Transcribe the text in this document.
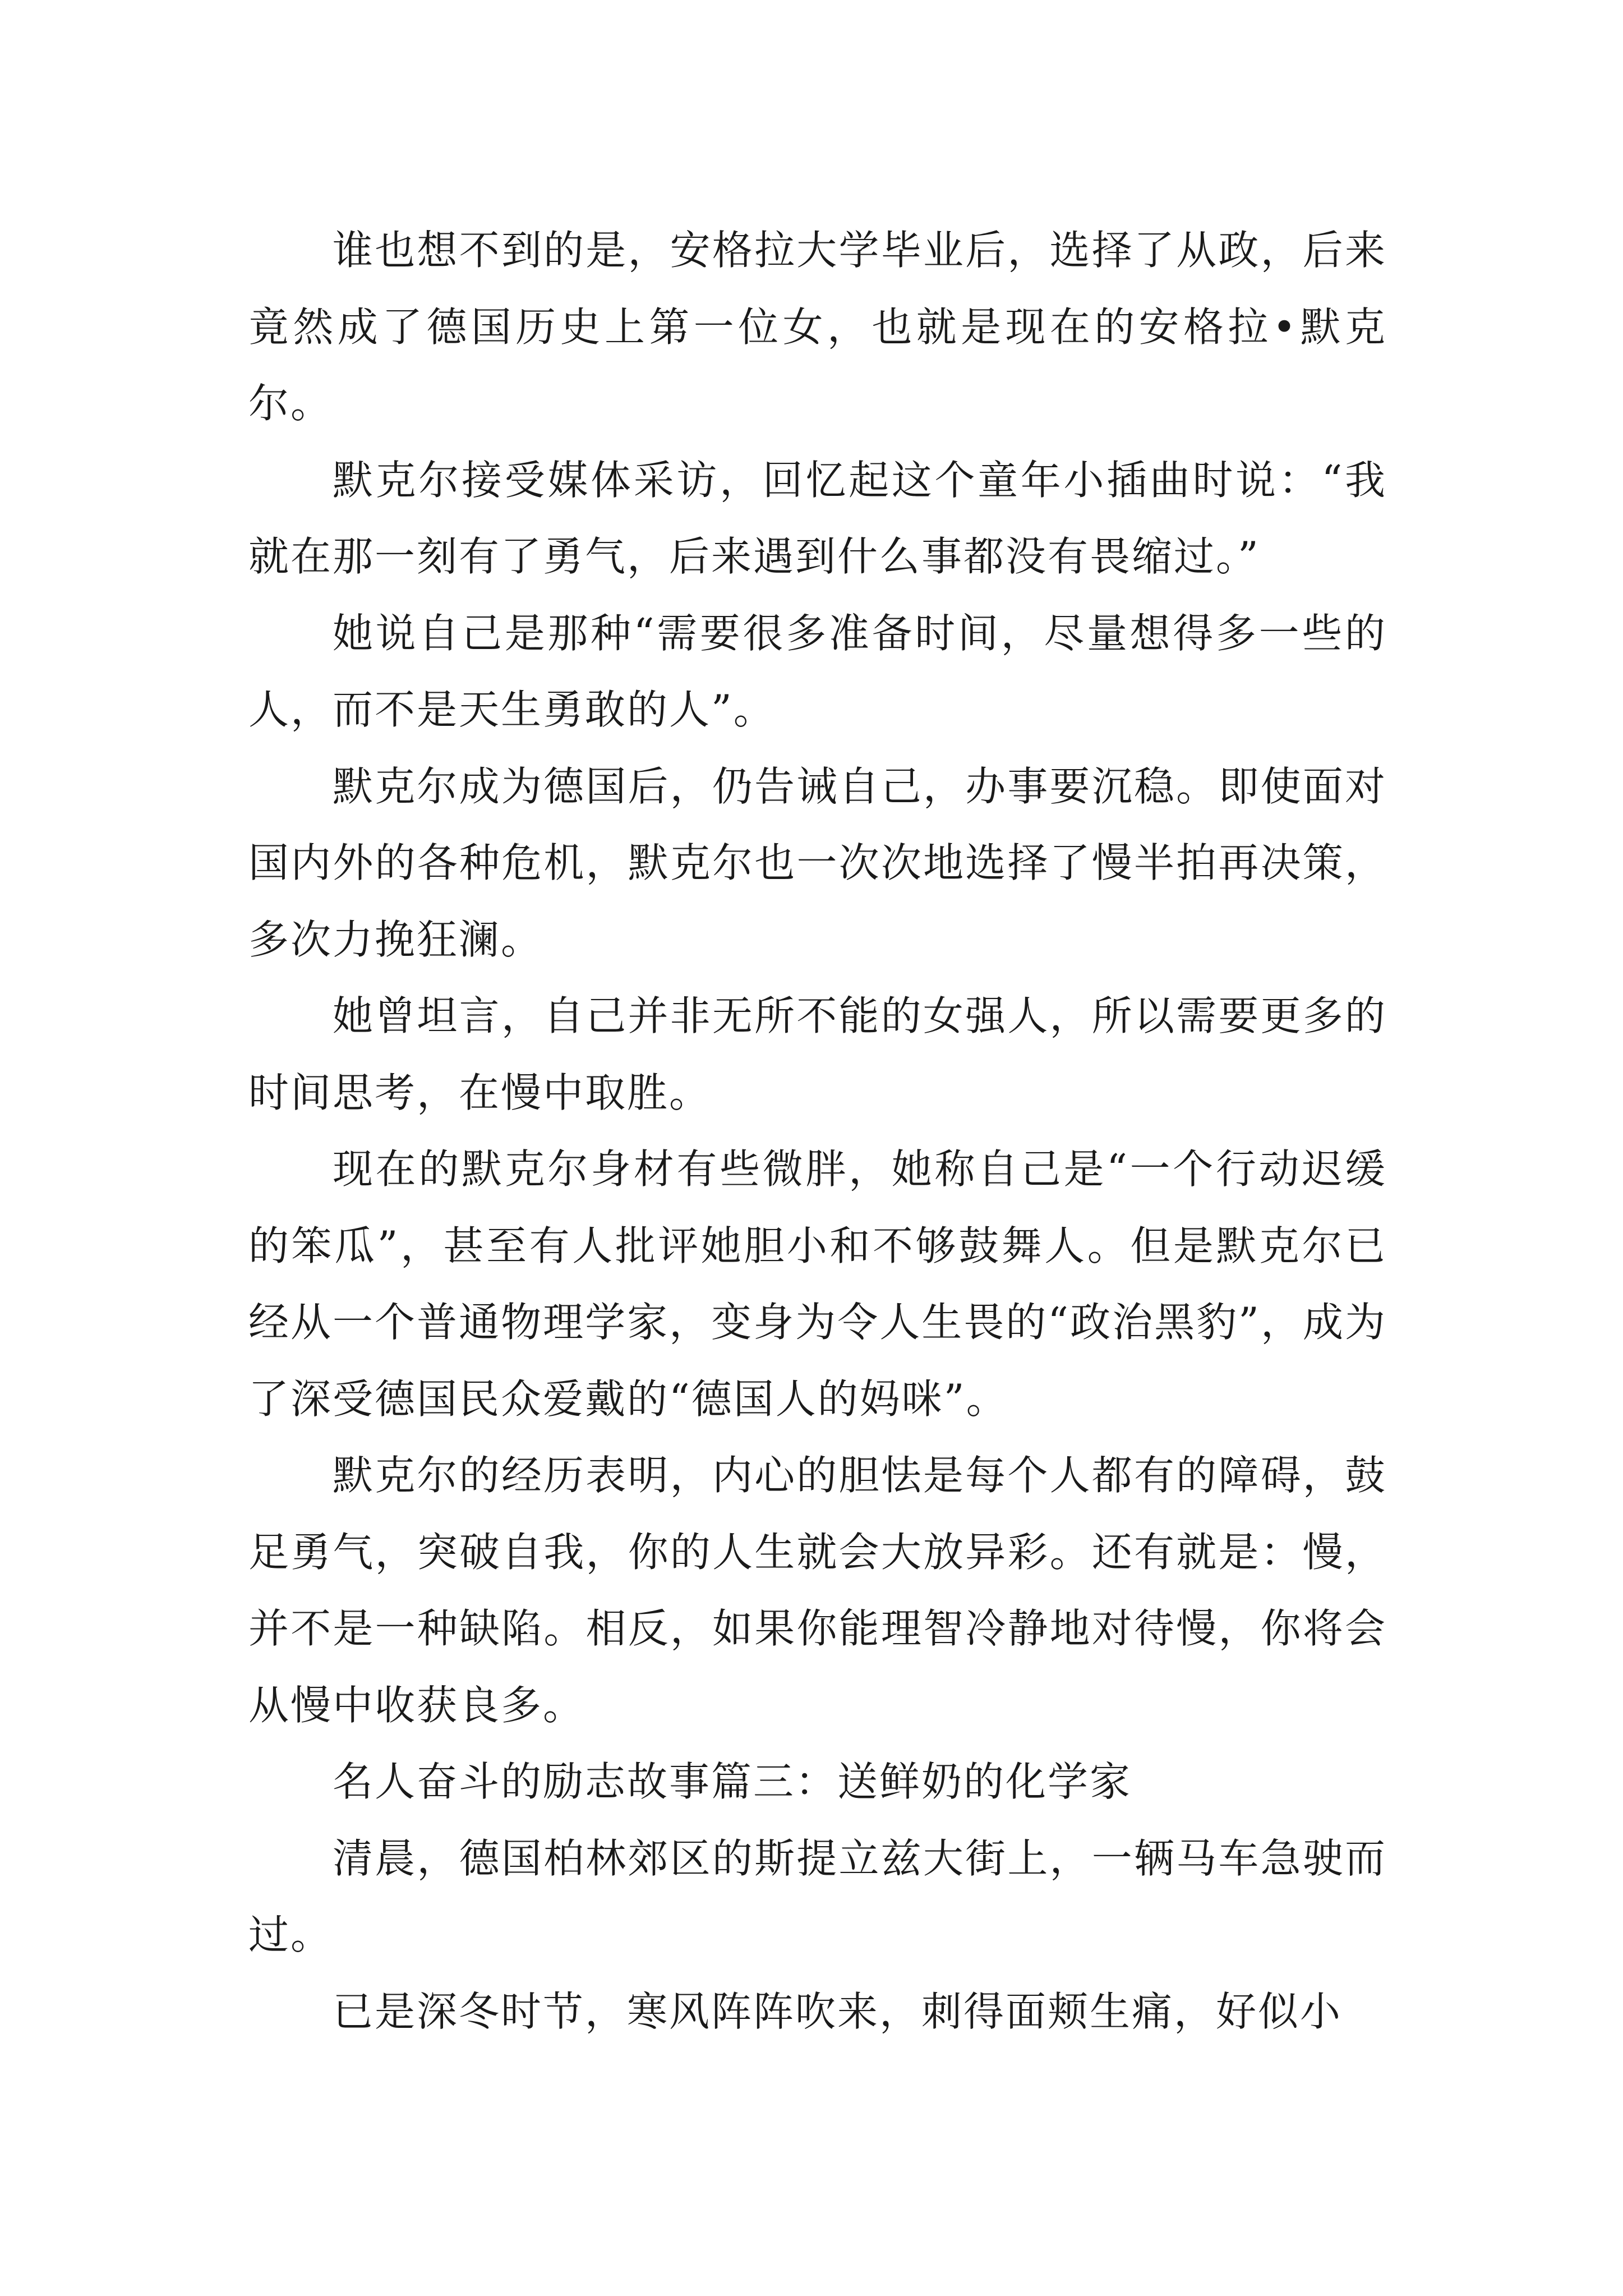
谁也想不到的是，安格拉大学毕业后，选择了从政，后来竟然成了德国历史上第一位女，也就是现在的安格拉•默克尔。

默克尔接受媒体采访，回忆起这个童年小插曲时说：“我就在那一刻有了勇气，后来遇到什么事都没有畏缩过。”

她说自己是那种“需要很多准备时间，尽量想得多一些的人，而不是天生勇敢的人”。

默克尔成为德国后，仍告诫自己，办事要沉稳。即使面对国内外的各种危机，默克尔也一次次地选择了慢半拍再决策，多次力挽狂澜。

她曾坦言，自己并非无所不能的女强人，所以需要更多的时间思考，在慢中取胜。

现在的默克尔身材有些微胖，她称自己是“一个行动迟缓的笨瓜”，甚至有人批评她胆小和不够鼓舞人。但是默克尔已经从一个普通物理学家，变身为令人生畏的“政治黑豹”，成为了深受德国民众爱戴的“德国人的妈咪”。

默克尔的经历表明，内心的胆怯是每个人都有的障碍，鼓足勇气，突破自我，你的人生就会大放异彩。还有就是：慢，并不是一种缺陷。相反，如果你能理智冷静地对待慢，你将会从慢中收获良多。

名人奋斗的励志故事篇三：送鲜奶的化学家

清晨，德国柏林郊区的斯提立兹大街上，一辆马车急驶而过。

已是深冬时节，寒风阵阵吹来，刺得面颊生痛，好似小
